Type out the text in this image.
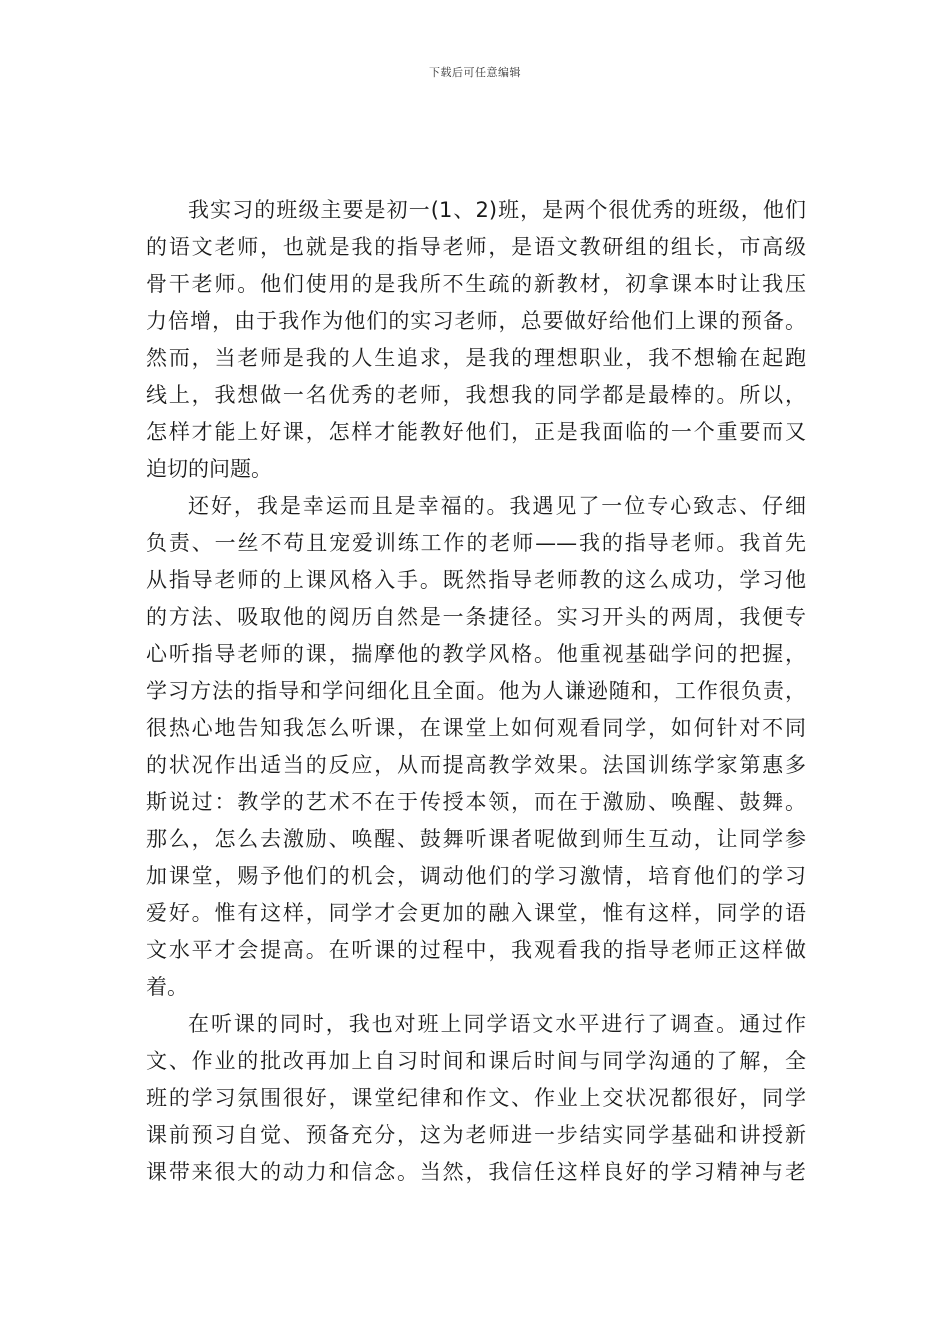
下载后可任意编辑
我实习的班级主要是初一(1、2)班，是两个很优秀的班级，他们
的语文老师，也就是我的指导老师，是语文教研组的组长，市高级
骨干老师。他们使用的是我所不生疏的新教材，初拿课本时让我压
力倍增，由于我作为他们的实习老师，总要做好给他们上课的预备。
然而，当老师是我的人生追求，是我的理想职业，我不想输在起跑
线上，我想做一名优秀的老师，我想我的同学都是最棒的。所以，
怎样才能上好课，怎样才能教好他们，正是我面临的一个重要而又
迫切的问题。
还好，我是幸运而且是幸福的。我遇见了一位专心致志、仔细
负责、一丝不苟且宠爱训练工作的老师——我的指导老师。我首先
从指导老师的上课风格入手。既然指导老师教的这么成功，学习他
的方法、吸取他的阅历自然是一条捷径。实习开头的两周，我便专
心听指导老师的课，揣摩他的教学风格。他重视基础学问的把握，
学习方法的指导和学问细化且全面。他为人谦逊随和，工作很负责，
很热心地告知我怎么听课，在课堂上如何观看同学，如何针对不同
的状况作出适当的反应，从而提高教学效果。法国训练学家第惠多
斯说过：教学的艺术不在于传授本领，而在于激励、唤醒、鼓舞。
那么，怎么去激励、唤醒、鼓舞听课者呢做到师生互动，让同学参
加课堂，赐予他们的机会，调动他们的学习激情，培育他们的学习
爱好。惟有这样，同学才会更加的融入课堂，惟有这样，同学的语
文水平才会提高。在听课的过程中，我观看我的指导老师正这样做
着。
在听课的同时，我也对班上同学语文水平进行了调查。通过作
文、作业的批改再加上自习时间和课后时间与同学沟通的了解，全
班的学习氛围很好，课堂纪律和作文、作业上交状况都很好，同学
课前预习自觉、预备充分，这为老师进一步结实同学基础和讲授新
课带来很大的动力和信念。当然，我信任这样良好的学习精神与老
